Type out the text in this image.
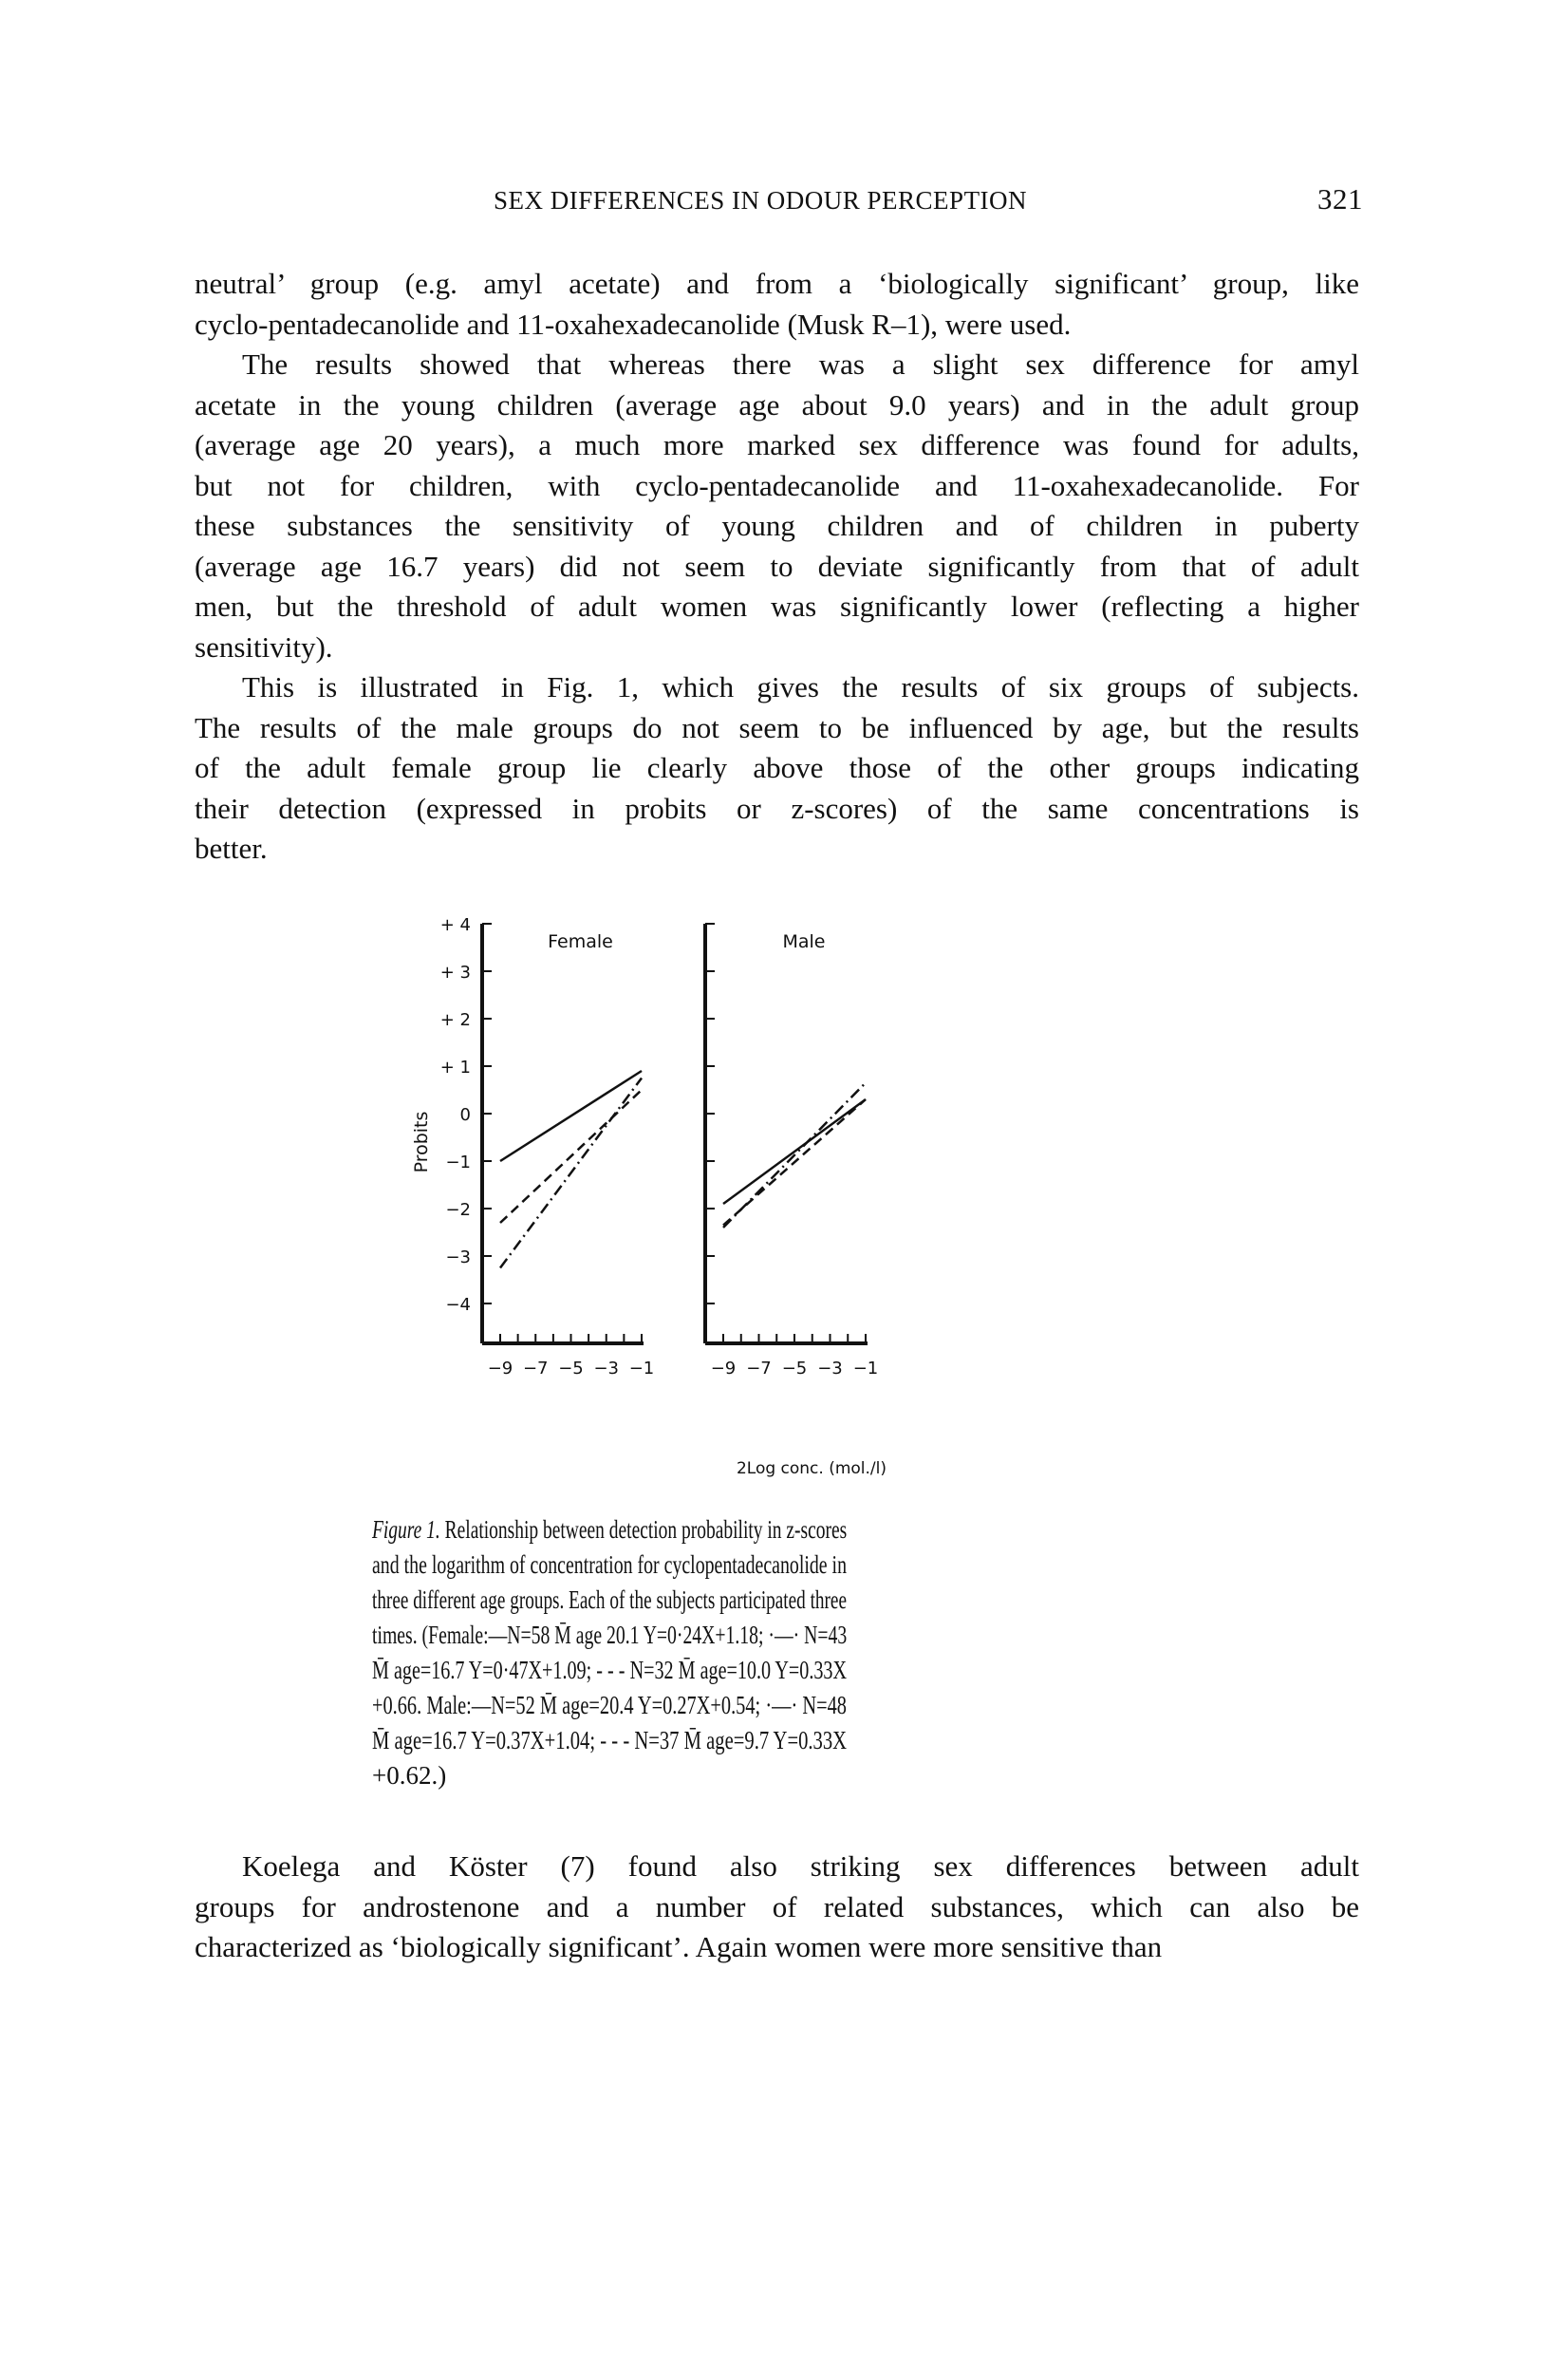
SEX DIFFERENCES IN ODOUR PERCEPTION	321
neutral’ group (e.g. amyl acetate) and from a ‘biologically significant’ group, like
cyclo-pentadecanolide and 11-oxahexadecanolide (Musk R–1), were used.
The results showed that whereas there was a slight sex difference for amyl
acetate in the young children (average age about 9.0 years) and in the adult group
(average age 20 years), a much more marked sex difference was found for adults,
but not for children, with cyclo-pentadecanolide and 11-oxahexadecanolide. For
these substances the sensitivity of young children and of children in puberty
(average age 16.7 years) did not seem to deviate significantly from that of adult
men, but the threshold of adult women was significantly lower (reflecting a higher
sensitivity).
This is illustrated in Fig. 1, which gives the results of six groups of subjects.
The results of the male groups do not seem to be influenced by age, but the results
of the adult female group lie clearly above those of the other groups indicating
their detection (expressed in probits or z-scores) of the same concentrations is
better.
−9 −7 −5 −3 −1
+ 4
+ 3
+ 2
+ 1
0
−1
−2
−3
−4
Female
−9 −7 −5 −3 −1
Male
Probits
2Log conc. (mol./l)
Figure 1. Relationship between detection probability in z-scores
and the logarithm of concentration for cyclopentadecanolide in
three different age groups. Each of the subjects participated three
times. (Female:—N=58 M̄ age 20.1 Y=0·24X+1.18; ·—· N=43
M̄ age=16.7 Y=0·47X+1.09; - - - N=32 M̄ age=10.0 Y=0.33X
+0.66. Male:—N=52 M̄ age=20.4 Y=0.27X+0.54; ·—· N=48
M̄ age=16.7 Y=0.37X+1.04; - - - N=37 M̄ age=9.7 Y=0.33X
+0.62.)
Koelega and Köster (7) found also striking sex differences between adult
groups for androstenone and a number of related substances, which can also be
characterized as ‘biologically significant’. Again women were more sensitive than
